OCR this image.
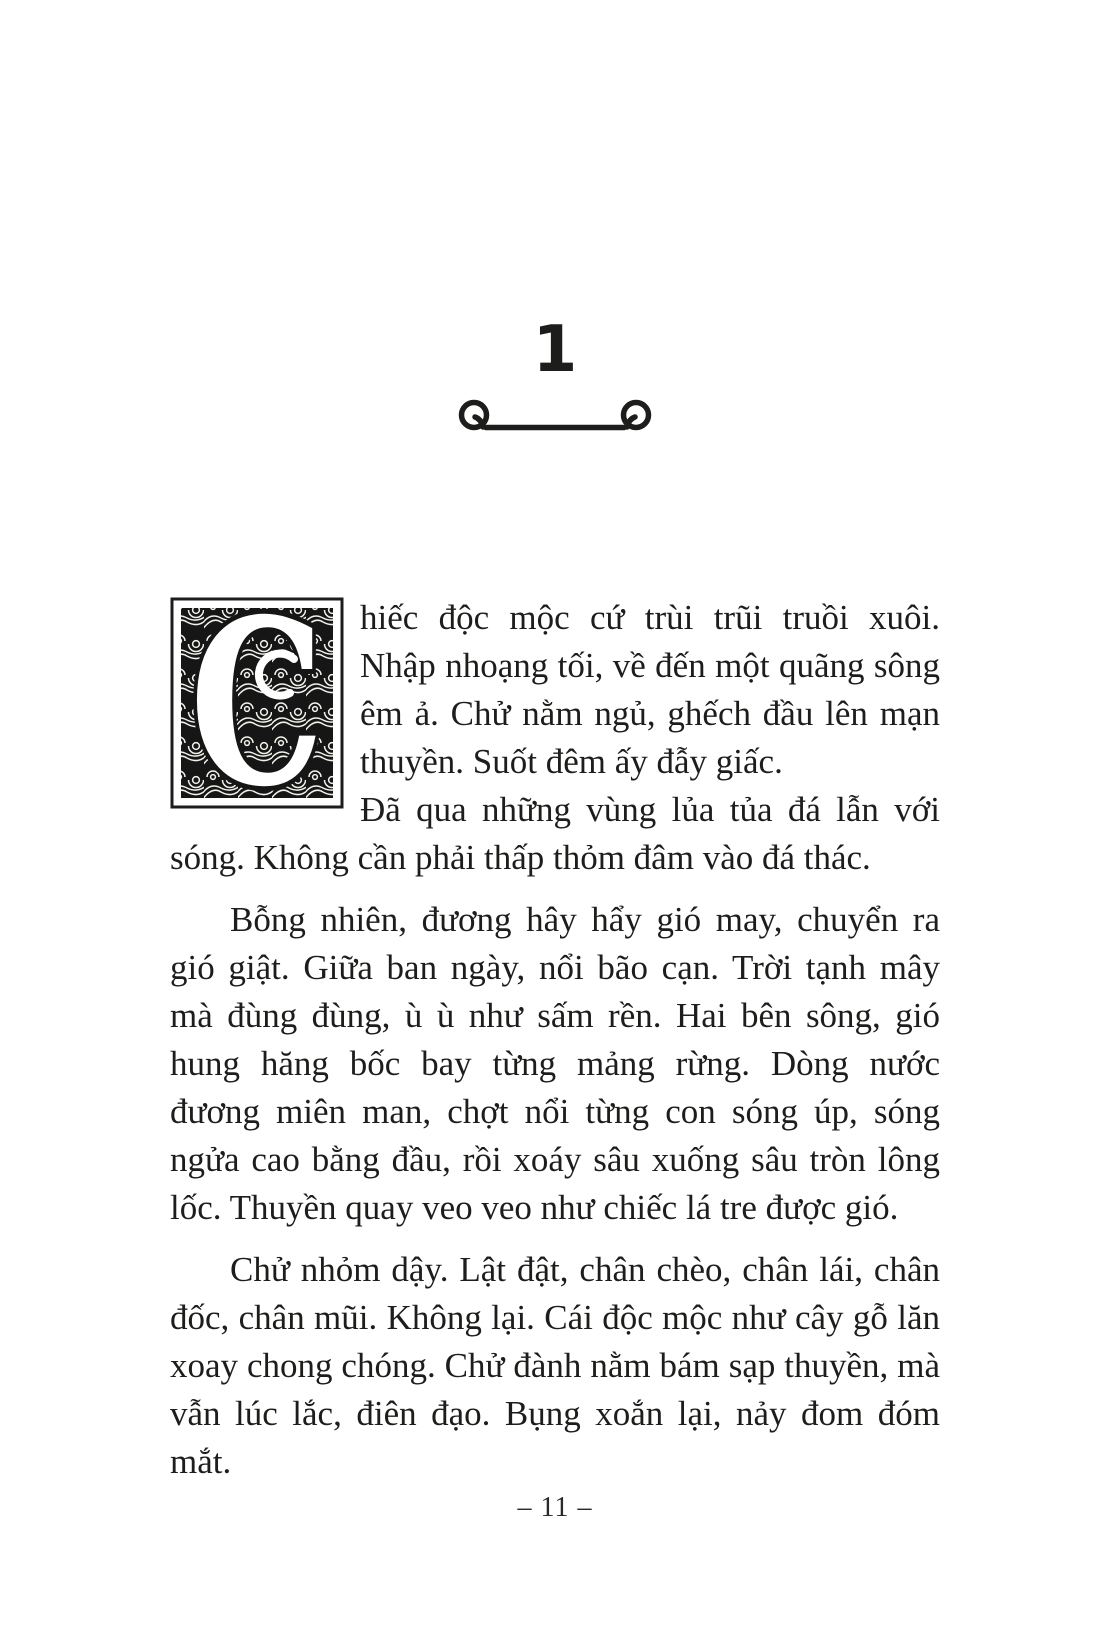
1
C	hiếc độc mộc cứ trùi trũi truồi xuôi. Nhập nhoạng tối, về đến một quãng sông êm ả. Chử nằm ngủ, ghếch đầu lên mạn thuyền. Suốt đêm ấy đẫy giấc.

Đã qua những vùng lủa tủa đá lẫn với sóng. Không cần phải thấp thỏm đâm vào đá thác.

Bỗng nhiên, đương hây hẩy gió may, chuyển ra gió giật. Giữa ban ngày, nổi bão cạn. Trời tạnh mây mà đùng đùng, ù ù như sấm rền. Hai bên sông, gió hung hăng bốc bay từng mảng rừng. Dòng nước đương miên man, chợt nổi từng con sóng úp, sóng ngửa cao bằng đầu, rồi xoáy sâu xuống sâu tròn lông lốc. Thuyền quay veo veo như chiếc lá tre được gió.

Chử nhỏm dậy. Lật đật, chân chèo, chân lái, chân đốc, chân mũi. Không lại. Cái độc mộc như cây gỗ lăn xoay chong chóng. Chử đành nằm bám sạp thuyền, mà vẫn lúc lắc, điên đạo. Bụng xoắn lại, nảy đom đóm mắt.

– 11 –
